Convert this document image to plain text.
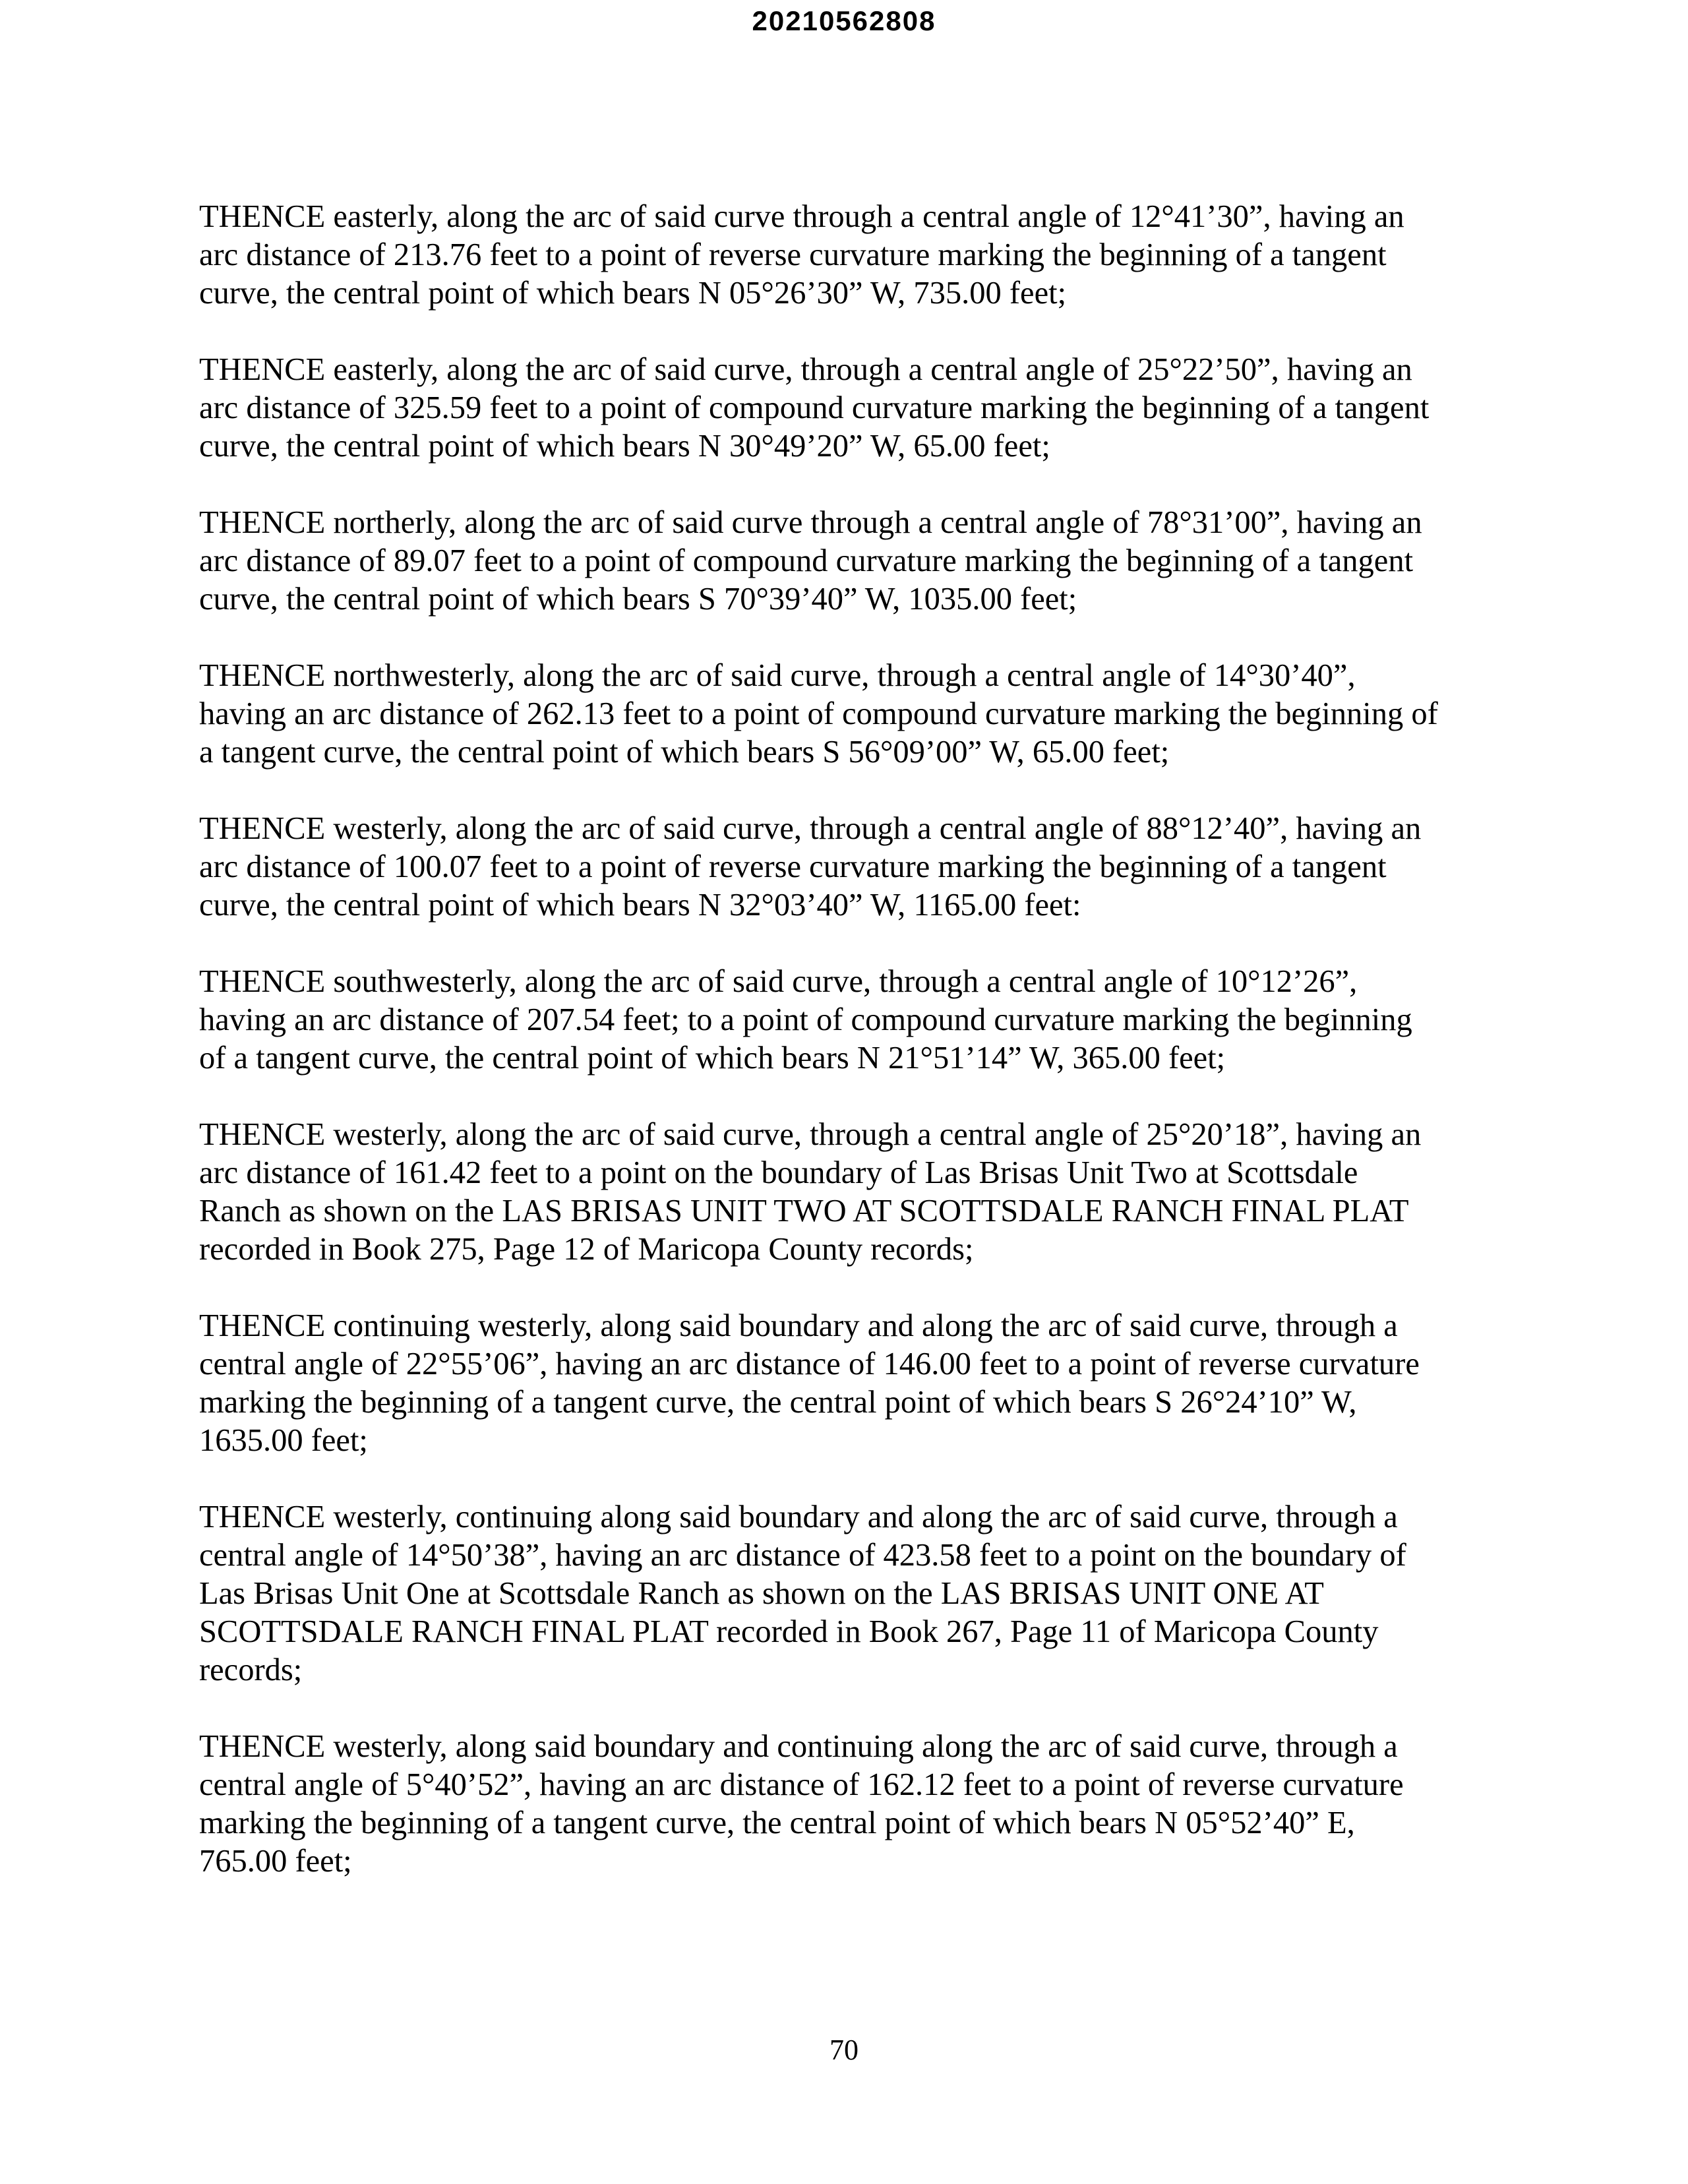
20210562808
THENCE easterly, along the arc of said curve through a central angle of 12°41’30”, having an
arc distance of 213.76 feet to a point of reverse curvature marking the beginning of a tangent
curve, the central point of which bears N 05°26’30” W, 735.00 feet;
THENCE easterly, along the arc of said curve, through a central angle of 25°22’50”, having an
arc distance of 325.59 feet to a point of compound curvature marking the beginning of a tangent
curve, the central point of which bears N 30°49’20” W, 65.00 feet;
THENCE northerly, along the arc of said curve through a central angle of 78°31’00”, having an
arc distance of 89.07 feet to a point of compound curvature marking the beginning of a tangent
curve, the central point of which bears S 70°39’40” W, 1035.00 feet;
THENCE northwesterly, along the arc of said curve, through a central angle of 14°30’40”,
having an arc distance of 262.13 feet to a point of compound curvature marking the beginning of
a tangent curve, the central point of which bears S 56°09’00” W, 65.00 feet;
THENCE westerly, along the arc of said curve, through a central angle of 88°12’40”, having an
arc distance of 100.07 feet to a point of reverse curvature marking the beginning of a tangent
curve, the central point of which bears N 32°03’40” W, 1165.00 feet:
THENCE southwesterly, along the arc of said curve, through a central angle of 10°12’26”,
having an arc distance of 207.54 feet; to a point of compound curvature marking the beginning
of a tangent curve, the central point of which bears N 21°51’14” W, 365.00 feet;
THENCE westerly, along the arc of said curve, through a central angle of 25°20’18”, having an
arc distance of 161.42 feet to a point on the boundary of Las Brisas Unit Two at Scottsdale
Ranch as shown on the LAS BRISAS UNIT TWO AT SCOTTSDALE RANCH FINAL PLAT
recorded in Book 275, Page 12 of Maricopa County records;
THENCE continuing westerly, along said boundary and along the arc of said curve, through a
central angle of 22°55’06”, having an arc distance of 146.00 feet to a point of reverse curvature
marking the beginning of a tangent curve, the central point of which bears S 26°24’10” W,
1635.00 feet;
THENCE westerly, continuing along said boundary and along the arc of said curve, through a
central angle of 14°50’38”, having an arc distance of 423.58 feet to a point on the boundary of
Las Brisas Unit One at Scottsdale Ranch as shown on the LAS BRISAS UNIT ONE AT
SCOTTSDALE RANCH FINAL PLAT recorded in Book 267, Page 11 of Maricopa County
records;
THENCE westerly, along said boundary and continuing along the arc of said curve, through a
central angle of 5°40’52”, having an arc distance of 162.12 feet to a point of reverse curvature
marking the beginning of a tangent curve, the central point of which bears N 05°52’40” E,
765.00 feet;
70
